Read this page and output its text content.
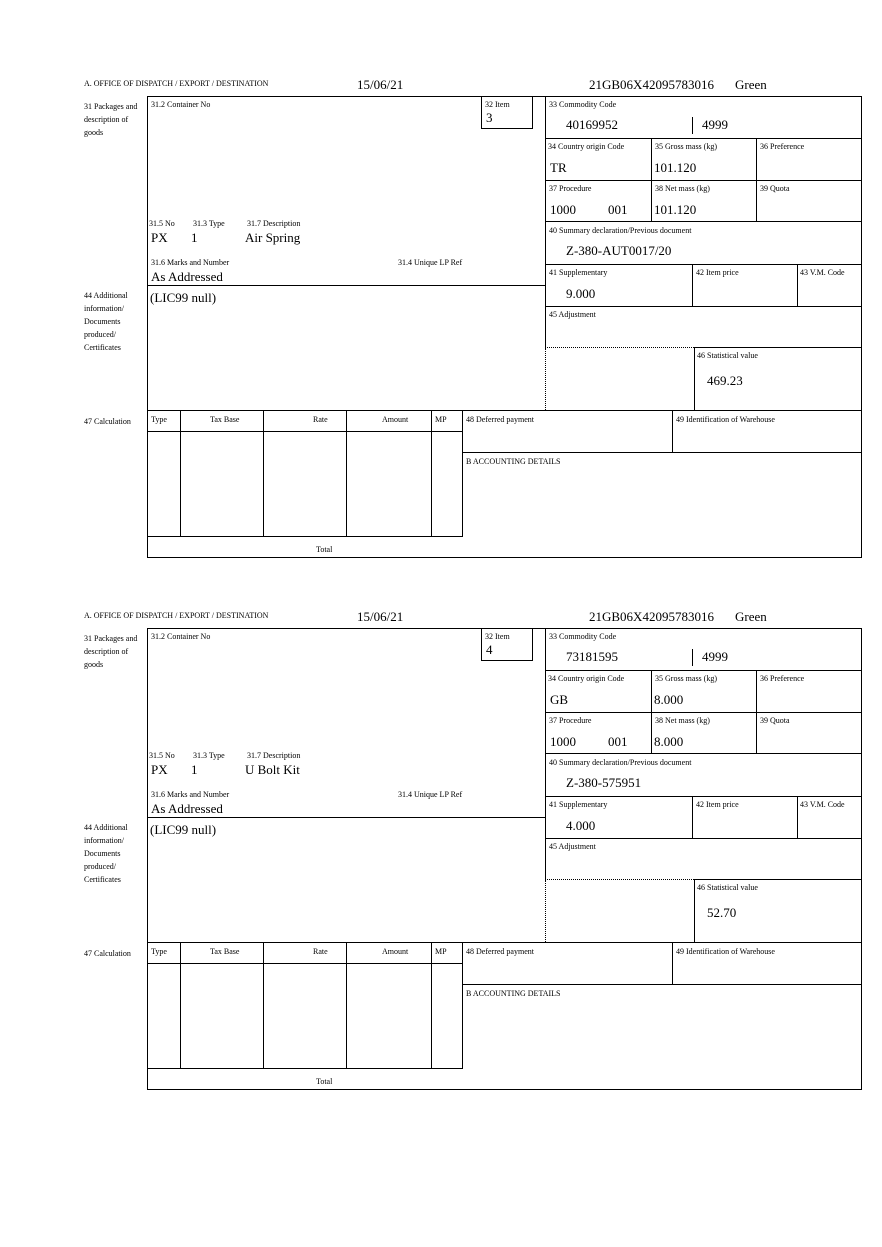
A. OFFICE OF DISPATCH / EXPORT / DESTINATION	15/06/21	21GB06X42095783016 Green
31 Packages and description of goods
44 Additional information/ Documents produced/ Certificates
47 Calculation
31.2 Container No
31.5 No 31.3 Type	31.7 Description
PX 1	Air Spring
31.6 Marks and Number	31.4 Unique LP Ref
As Addressed
32 Item
3
33 Commodity Code
40169952	4999
34 Country origin Code
TR
35 Gross mass (kg)
101.120
36 Preference
37 Procedure
1000 001
38 Net mass (kg)
101.120
39 Quota
40 Summary declaration/Previous document
Z-380-AUT0017/20
41 Supplementary
9.000
42 Item price	43 V.M. Code
45 Adjustment
(LIC99 null)
46 Statistical value
469.23
Type	Tax Base	Rate	Amount	MP
Total
48 Deferred payment	49 Identification of Warehouse
B ACCOUNTING DETAILS
A. OFFICE OF DISPATCH / EXPORT / DESTINATION	15/06/21	21GB06X42095783016 Green
31 Packages and description of goods
44 Additional information/ Documents produced/ Certificates
47 Calculation
31.2 Container No
31.5 No 31.3 Type	31.7 Description
PX 1	U Bolt Kit
31.6 Marks and Number	31.4 Unique LP Ref
As Addressed
32 Item
4
33 Commodity Code
73181595	4999
34 Country origin Code
GB
35 Gross mass (kg)
8.000
36 Preference
37 Procedure
1000 001
38 Net mass (kg)
8.000
39 Quota
40 Summary declaration/Previous document
Z-380-575951
41 Supplementary
4.000
42 Item price	43 V.M. Code
45 Adjustment
(LIC99 null)
46 Statistical value
52.70
Type	Tax Base	Rate	Amount	MP
Total
48 Deferred payment	49 Identification of Warehouse
B ACCOUNTING DETAILS
